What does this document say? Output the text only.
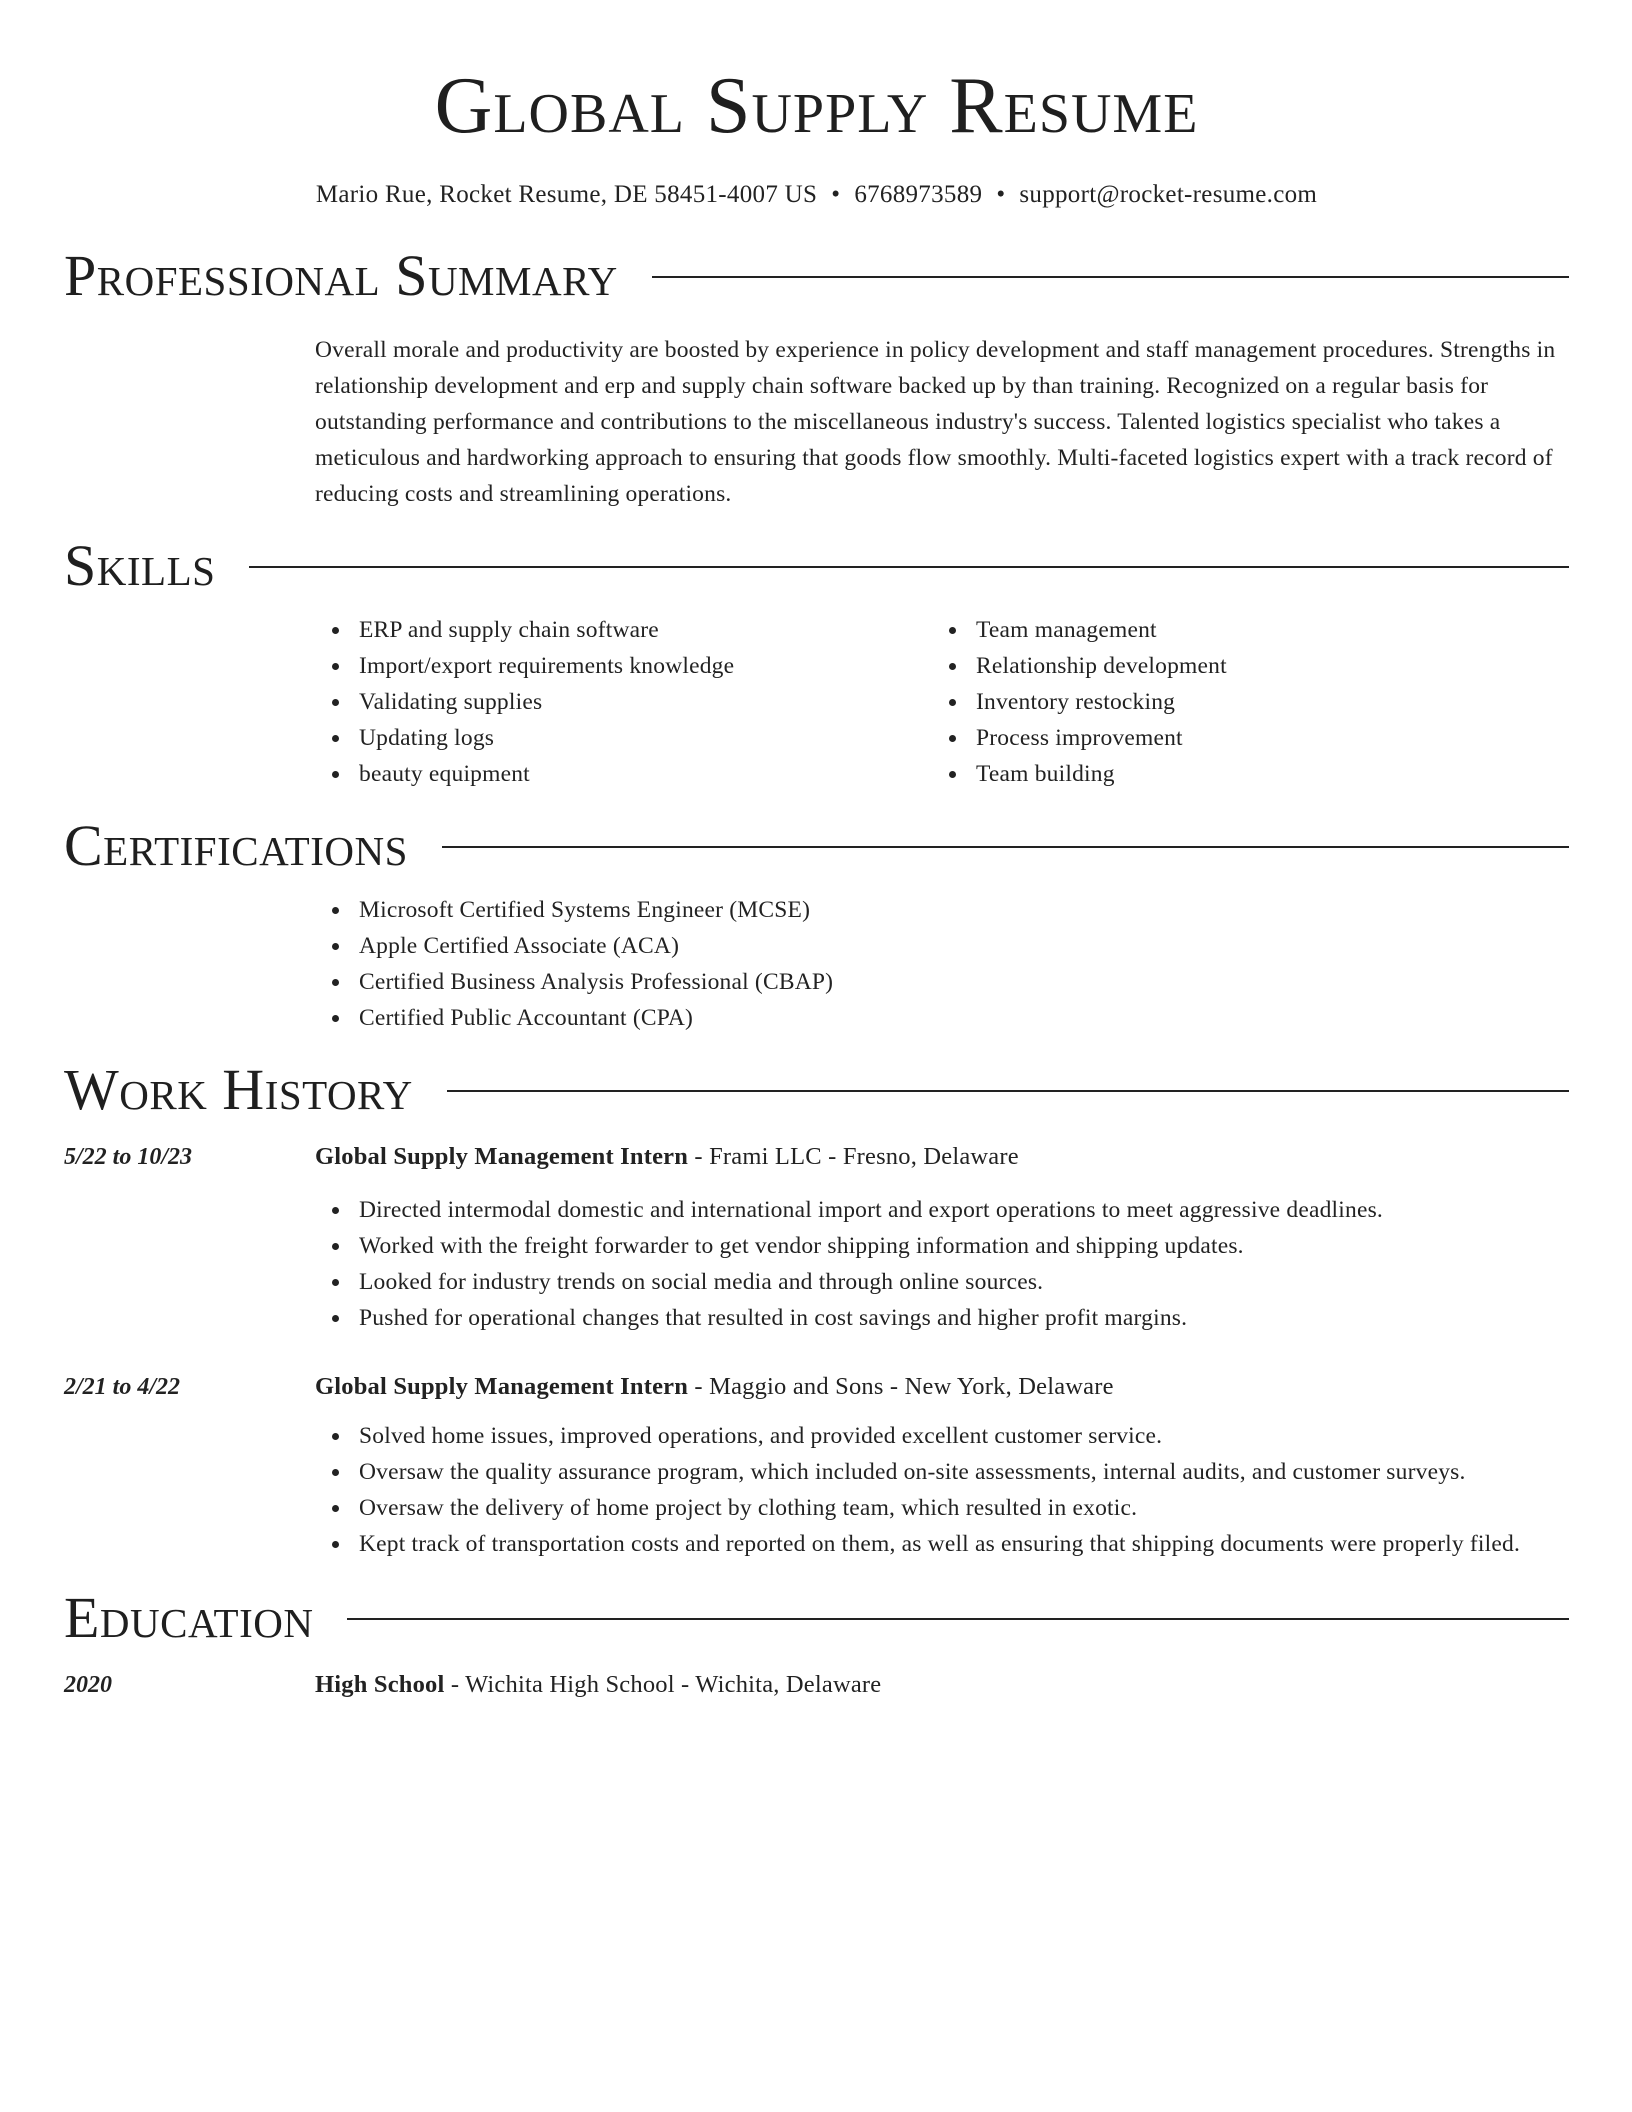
Global Supply Resume
Mario Rue, Rocket Resume, DE 58451-4007 US • 6768973589 • support@rocket-resume.com
Professional Summary
Overall morale and productivity are boosted by experience in policy development and staff management procedures. Strengths in relationship development and erp and supply chain software backed up by than training. Recognized on a regular basis for outstanding performance and contributions to the miscellaneous industry's success. Talented logistics specialist who takes a meticulous and hardworking approach to ensuring that goods flow smoothly. Multi-faceted logistics expert with a track record of reducing costs and streamlining operations.
Skills
ERP and supply chain software
Import/export requirements knowledge
Validating supplies
Updating logs
beauty equipment
Team management
Relationship development
Inventory restocking
Process improvement
Team building
Certifications
Microsoft Certified Systems Engineer (MCSE)
Apple Certified Associate (ACA)
Certified Business Analysis Professional (CBAP)
Certified Public Accountant (CPA)
Work History
5/22 to 10/23	Global Supply Management Intern - Frami LLC - Fresno, Delaware
Directed intermodal domestic and international import and export operations to meet aggressive deadlines.
Worked with the freight forwarder to get vendor shipping information and shipping updates.
Looked for industry trends on social media and through online sources.
Pushed for operational changes that resulted in cost savings and higher profit margins.
2/21 to 4/22	Global Supply Management Intern - Maggio and Sons - New York, Delaware
Solved home issues, improved operations, and provided excellent customer service.
Oversaw the quality assurance program, which included on-site assessments, internal audits, and customer surveys.
Oversaw the delivery of home project by clothing team, which resulted in exotic.
Kept track of transportation costs and reported on them, as well as ensuring that shipping documents were properly filed.
Education
2020	High School - Wichita High School - Wichita, Delaware
